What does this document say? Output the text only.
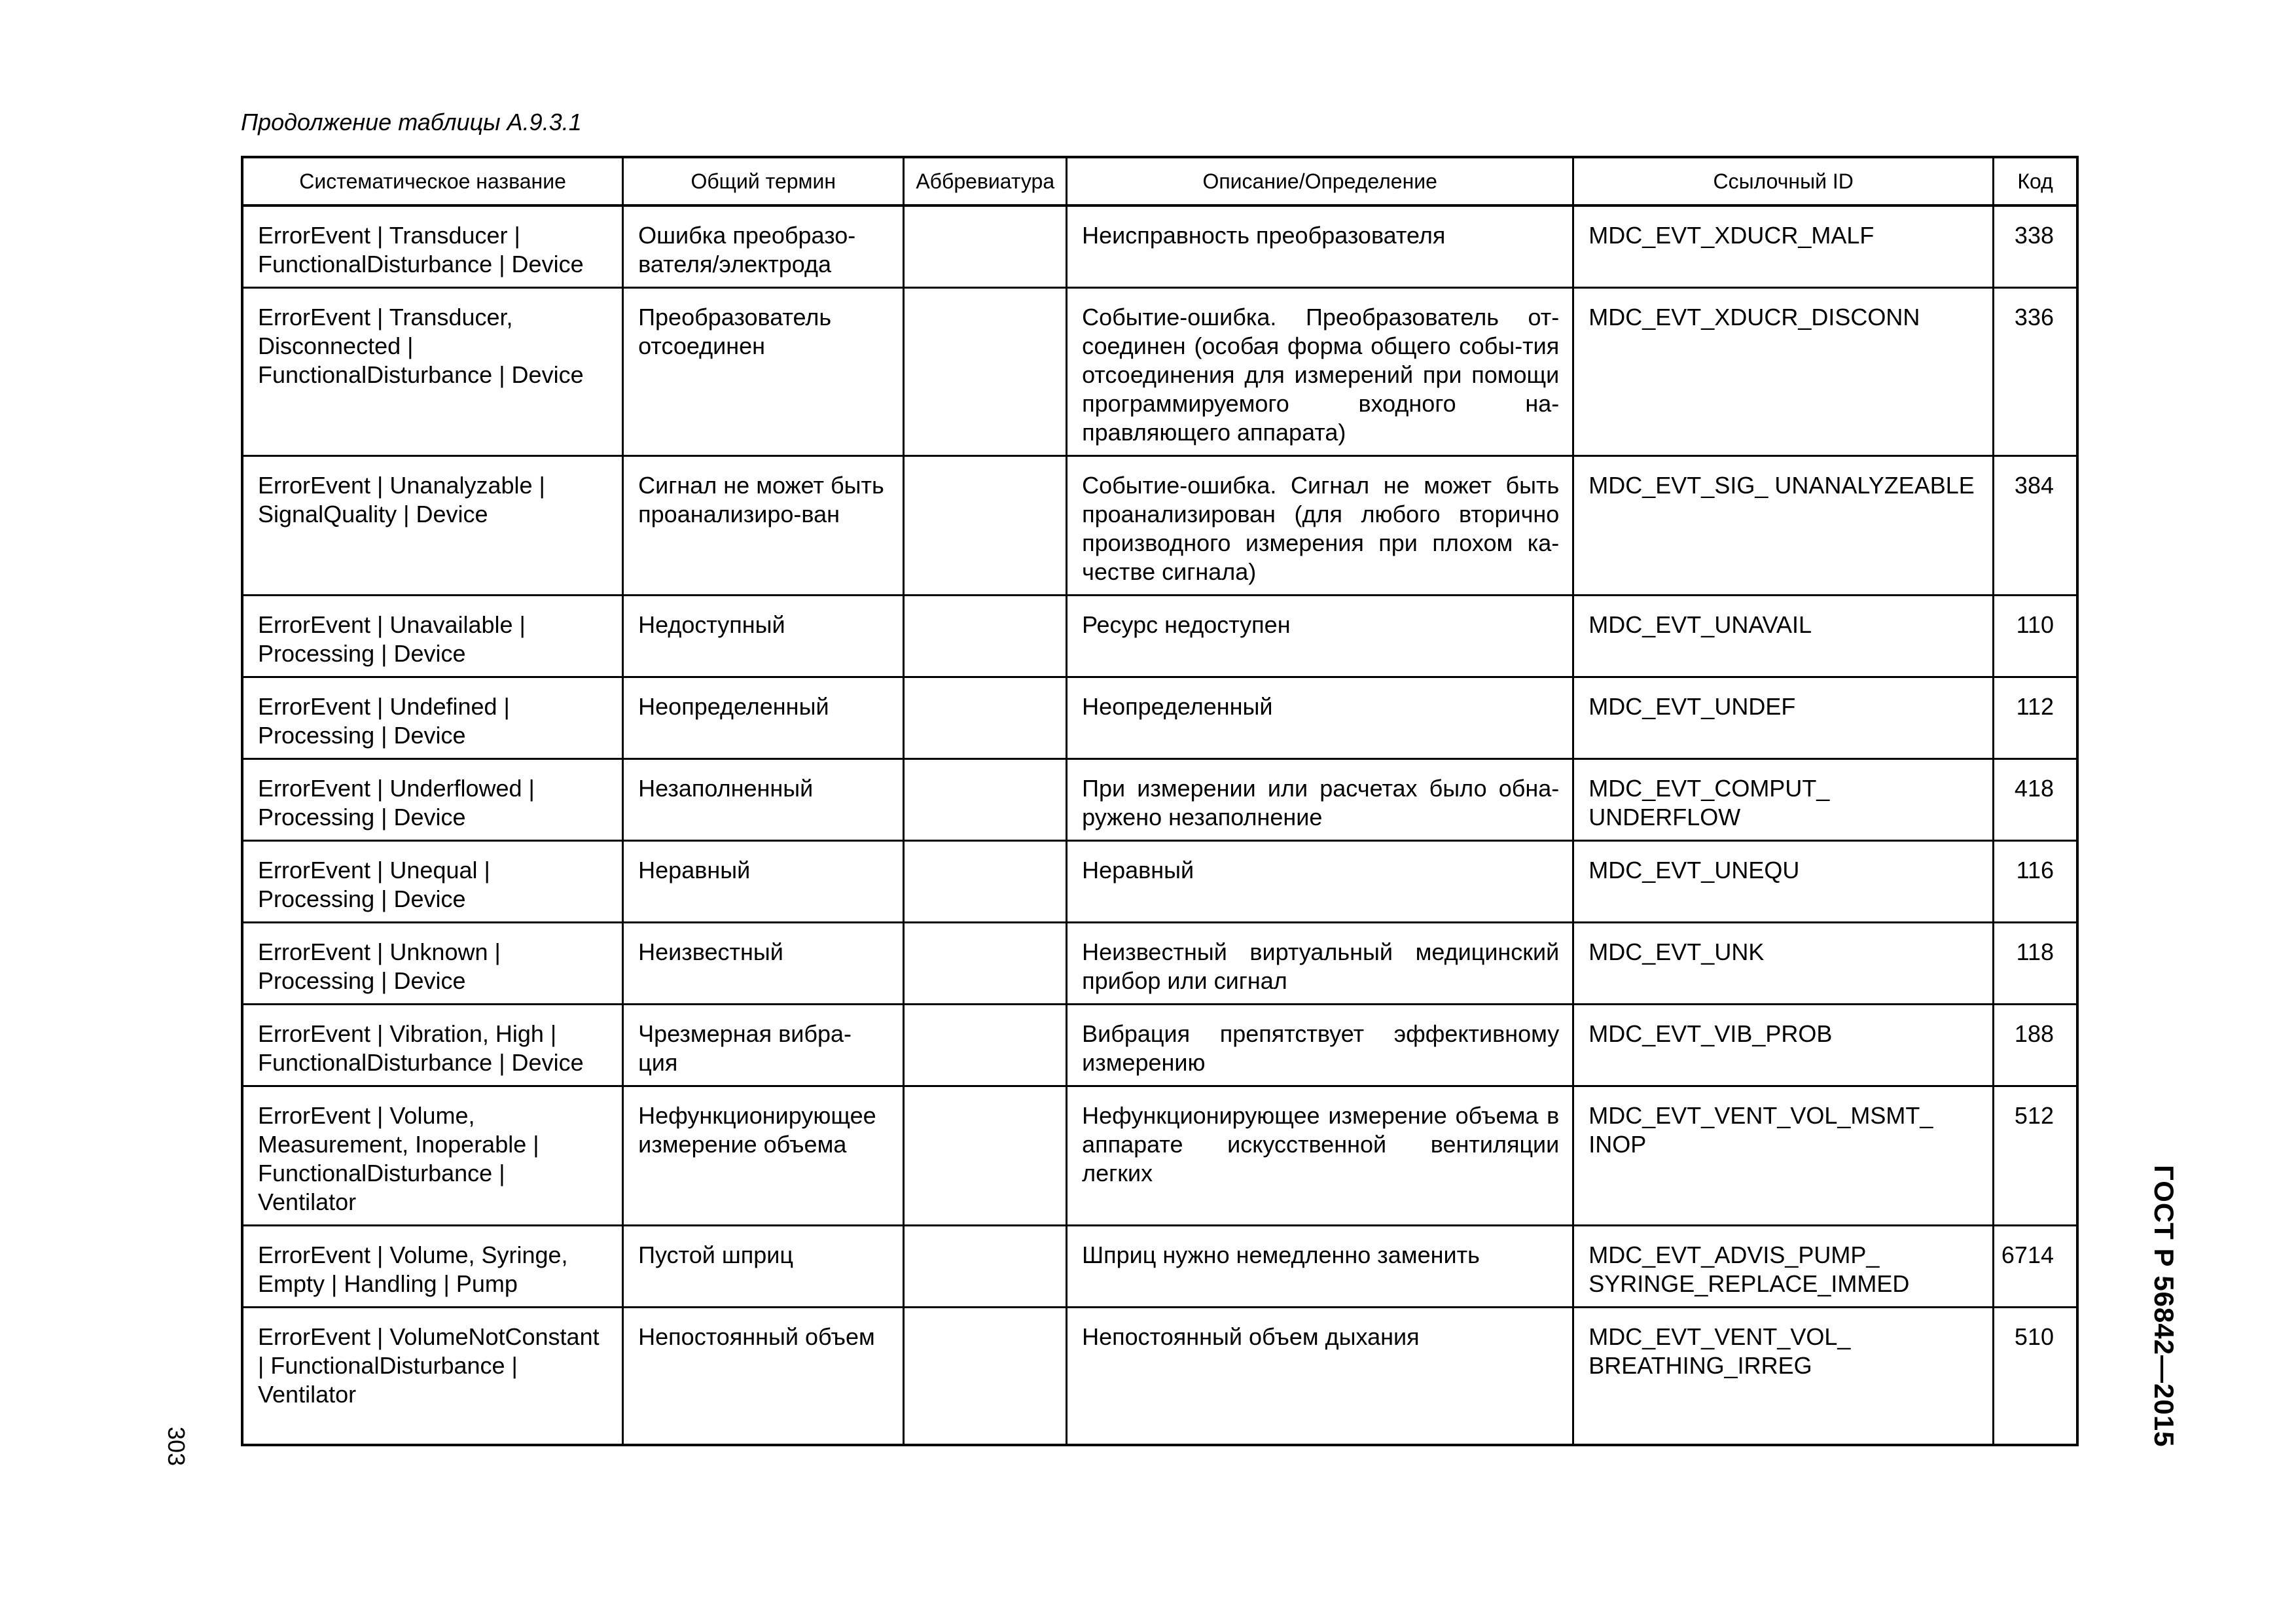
Продолжение таблицы А.9.3.1
Систематическое название	Общий термин	Аббревиатура	Описание/Определение	Ссылочный ID	Код
ErrorEvent | Transducer | FunctionalDisturbance | Device	Ошибка преобразо-вателя/электрода		Неисправность преобразователя	MDC_EVT_XDUCR_MALF	338
ErrorEvent | Transducer, Disconnected | FunctionalDisturbance | Device	Преобразователь отсоединен		Событие-ошибка. Преобразователь от-соединен (особая форма общего собы-тия отсоединения для измерений при помощи программируемого входного на-правляющего аппарата)	MDC_EVT_XDUCR_DISCONN	336
ErrorEvent | Unanalyzable | SignalQuality | Device	Сигнал не может быть проанализиро-ван		Событие-ошибка. Сигнал не может быть проанализирован (для любого вторично производного измерения при плохом ка-честве сигнала)	MDC_EVT_SIG_ UNANALYZEABLE	384
ErrorEvent | Unavailable | Processing | Device	Недоступный		Ресурс недоступен	MDC_EVT_UNAVAIL	110
ErrorEvent | Undefined | Processing | Device	Неопределенный		Неопределенный	MDC_EVT_UNDEF	112
ErrorEvent | Underflowed | Processing | Device	Незаполненный		При измерении или расчетах было обна-ружено незаполнение	MDC_EVT_COMPUT_ UNDERFLOW	418
ErrorEvent | Unequal | Processing | Device	Неравный		Неравный	MDC_EVT_UNEQU	116
ErrorEvent | Unknown | Processing | Device	Неизвестный		Неизвестный виртуальный медицинский прибор или сигнал	MDC_EVT_UNK	118
ErrorEvent | Vibration, High | FunctionalDisturbance | Device	Чрезмерная вибра-ция		Вибрация препятствует эффективному измерению	MDC_EVT_VIB_PROB	188
ErrorEvent | Volume, Measurement, Inoperable | FunctionalDisturbance | Ventilator	Нефункционирующее измерение объема		Нефункционирующее измерение объема в аппарате искусственной вентиляции легких	MDC_EVT_VENT_VOL_MSMT_ INOP	512
ErrorEvent | Volume, Syringe, Empty | Handling | Pump	Пустой шприц		Шприц нужно немедленно заменить	MDC_EVT_ADVIS_PUMP_ SYRINGE_REPLACE_IMMED	6714
ErrorEvent | VolumeNotConstant | FunctionalDisturbance | Ventilator	Непостоянный объем		Непостоянный объем дыхания	MDC_EVT_VENT_VOL_ BREATHING_IRREG	510
303	ГОСТ Р 56842—2015
